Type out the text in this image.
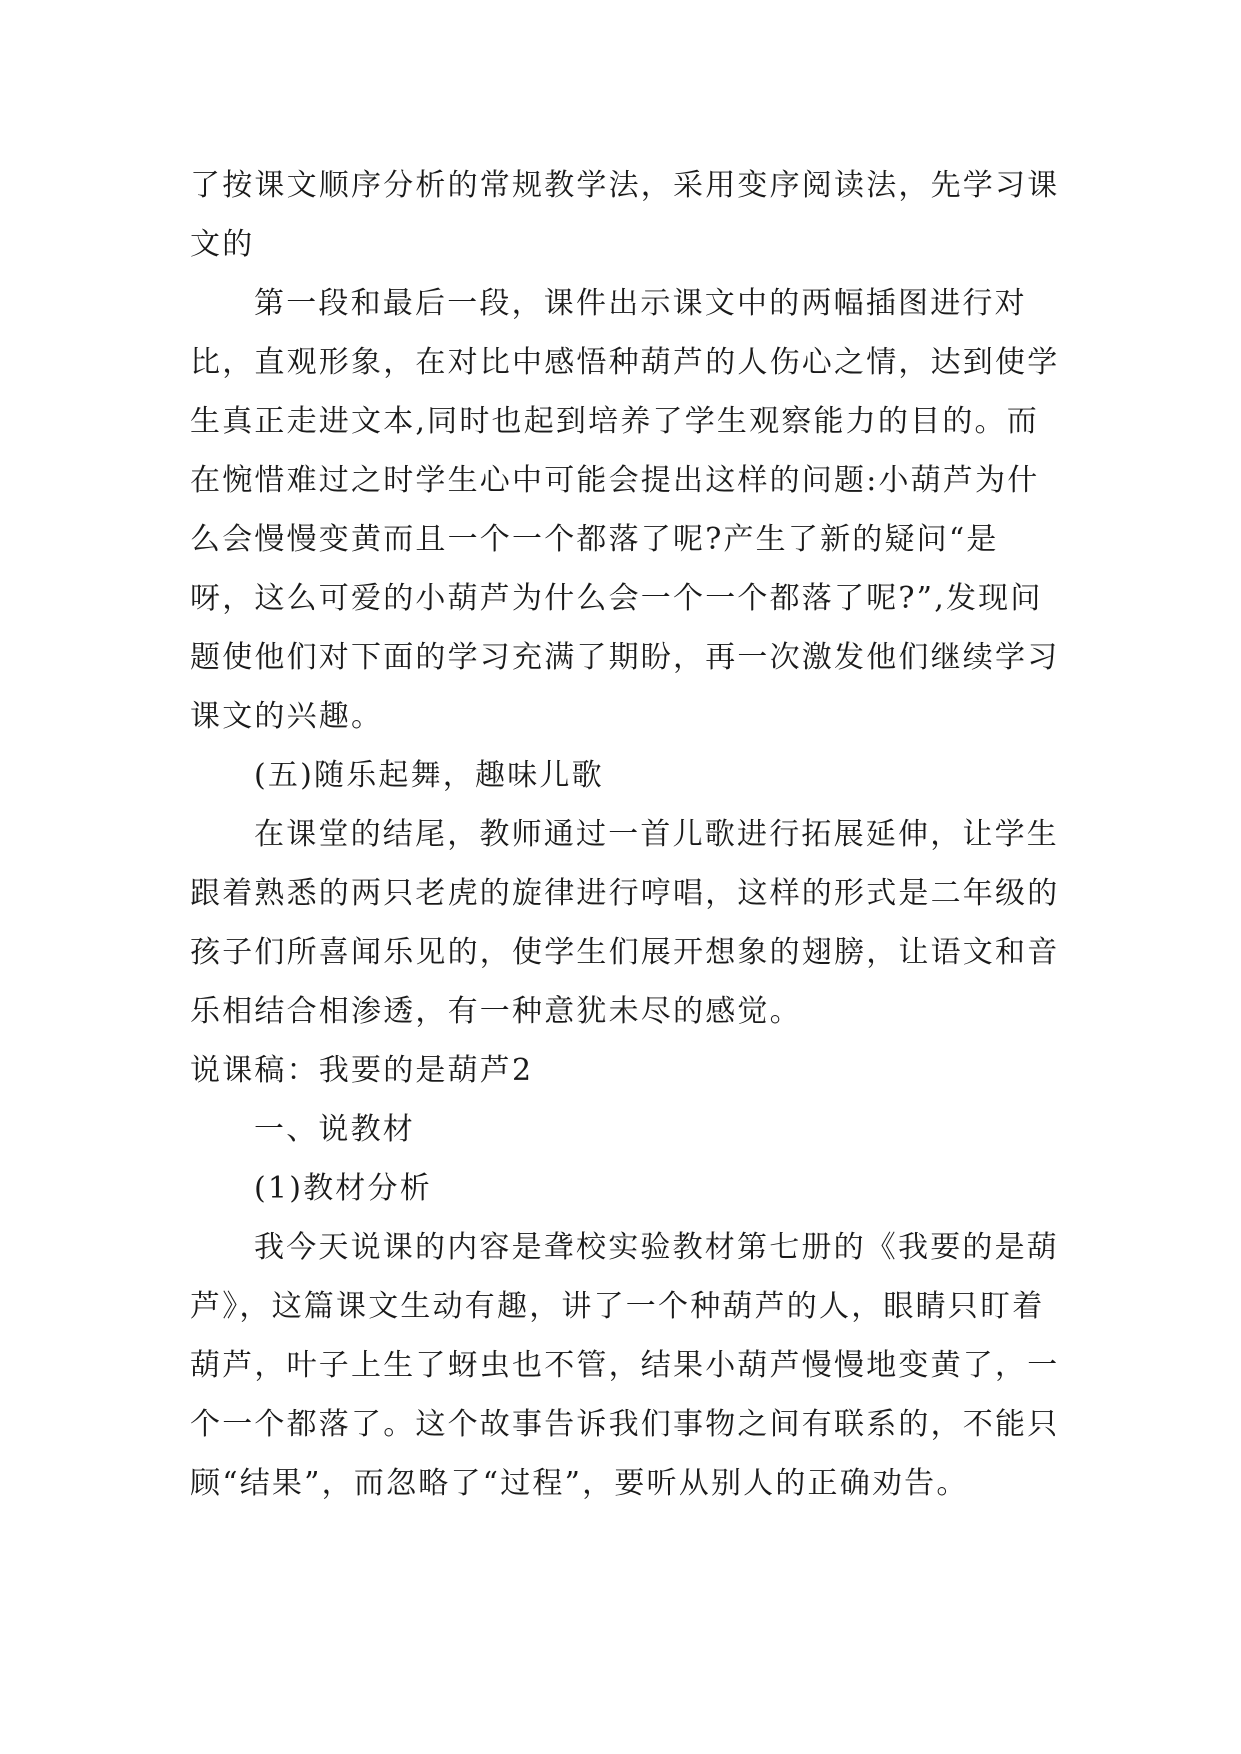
了按课文顺序分析的常规教学法，采用变序阅读法，先学习课文的

第一段和最后一段，课件出示课文中的两幅插图进行对比，直观形象，在对比中感悟种葫芦的人伤心之情，达到使学生真正走进文本,同时也起到培养了学生观察能力的目的。而在惋惜难过之时学生心中可能会提出这样的问题:小葫芦为什么会慢慢变黄而且一个一个都落了呢?产生了新的疑问“是呀，这么可爱的小葫芦为什么会一个一个都落了呢?”,发现问题使他们对下面的学习充满了期盼，再一次激发他们继续学习课文的兴趣。

(五)随乐起舞，趣味儿歌

在课堂的结尾，教师通过一首儿歌进行拓展延伸，让学生跟着熟悉的两只老虎的旋律进行哼唱，这样的形式是二年级的孩子们所喜闻乐见的，使学生们展开想象的翅膀，让语文和音乐相结合相渗透，有一种意犹未尽的感觉。

说课稿：我要的是葫芦2

一、说教材

(1)教材分析

我今天说课的内容是聋校实验教材第七册的《我要的是葫芦》，这篇课文生动有趣，讲了一个种葫芦的人，眼睛只盯着葫芦，叶子上生了蚜虫也不管，结果小葫芦慢慢地变黄了，一个一个都落了。这个故事告诉我们事物之间有联系的，不能只顾“结果”，而忽略了“过程”，要听从别人的正确劝告。
